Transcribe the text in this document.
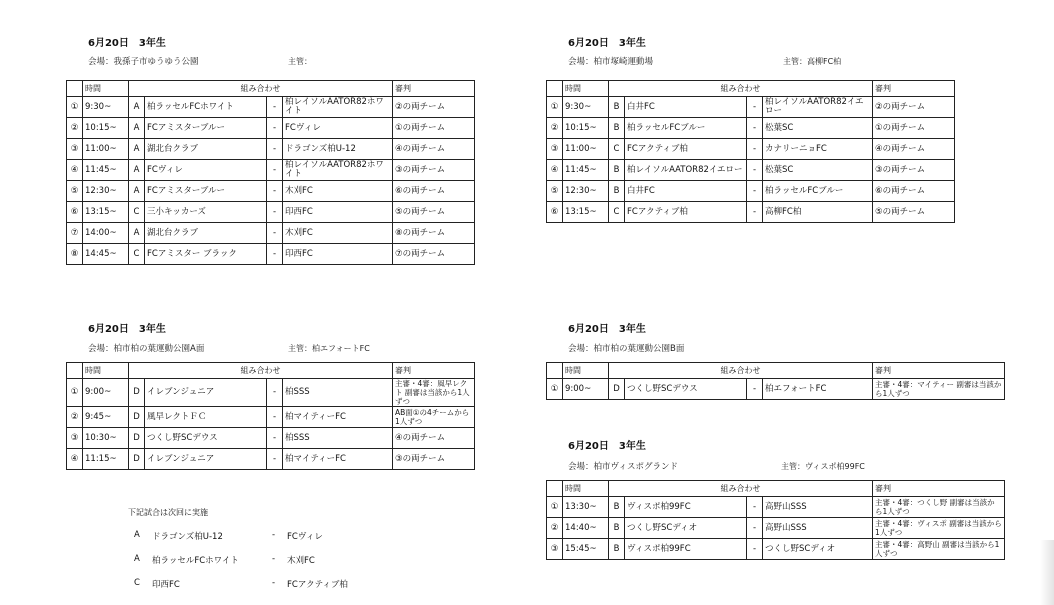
6月20日　3年生
会場：我孫子市ゆうゆう公園	主管：
	時間	組み合わせ				審判
①	9:30~	A	柏ラッセルFCホワイト	-	柏レイソルAATOR82ホワイト	②の両チーム
②	10:15~	A	FCアミスターブルー	-	FCヴィレ	①の両チーム
③	11:00~	A	湖北台クラブ	-	ドラゴンズ柏U-12	④の両チーム
④	11:45~	A	FCヴィレ	-	柏レイソルAATOR82ホワイト	③の両チーム
⑤	12:30~	A	FCアミスターブルー	-	木刈FC	⑥の両チーム
⑥	13:15~	C	三小キッカーズ	-	印西FC	⑤の両チーム
⑦	14:00~	A	湖北台クラブ	-	木刈FC	⑧の両チーム
⑧	14:45~	C	FCアミスター ブラック	-	印西FC	⑦の両チーム
6月20日　3年生
会場：柏市塚崎運動場	主管：高柳FC柏
	時間	組み合わせ				審判
①	9:30~	B	白井FC	-	柏レイソルAATOR82イエロー	②の両チーム
②	10:15~	B	柏ラッセルFCブルー	-	松葉SC	①の両チーム
③	11:00~	C	FCアクティブ柏	-	カナリーニョFC	④の両チーム
④	11:45~	B	柏レイソルAATOR82イエロー	-	松葉SC	③の両チーム
⑤	12:30~	B	白井FC	-	柏ラッセルFCブルー	⑥の両チーム
⑥	13:15~	C	FCアクティブ柏	-	高柳FC柏	⑤の両チーム
6月20日　3年生
会場：柏市柏の葉運動公園A面	主管：柏エフォートFC
	時間	組み合わせ				審判
①	9:00~	D	イレブンジュニア	-	柏SSS	主審・4審：風早レクト 副審は当該から1人ずつ
②	9:45~	D	風早レクトＦＣ	-	柏マイティーFC	AB面①の4チームから1人ずつ
③	10:30~	D	つくし野SCデウス	-	柏SSS	④の両チーム
④	11:15~	D	イレブンジュニア	-	柏マイティーFC	③の両チーム
6月20日　3年生
会場：柏市柏の葉運動公園B面
	時間	組み合わせ				審判
①	9:00~	D	つくし野SCデウス	-	柏エフォートFC	主審・4審：マイティー 副審は当該から1人ずつ
6月20日　3年生
会場：柏市ヴィスポグランド	主管：ヴィスポ柏99FC
	時間	組み合わせ				審判
①	13:30~	B	ヴィスポ柏99FC	-	高野山SSS	主審・4審：つくし野 副審は当該から1人ずつ
②	14:40~	B	つくし野SCディオ	-	高野山SSS	主審・4審：ヴィスポ 副審は当該から1人ずつ
③	15:45~	B	ヴィスポ柏99FC	-	つくし野SCディオ	主審・4審：高野山 副審は当該から1人ずつ
下記試合は次回に実施
A ドラゴンズ柏U-12	- FCヴィレ
A 柏ラッセルFCホワイト	- 木刈FC
C 印西FC	- FCアクティブ柏
